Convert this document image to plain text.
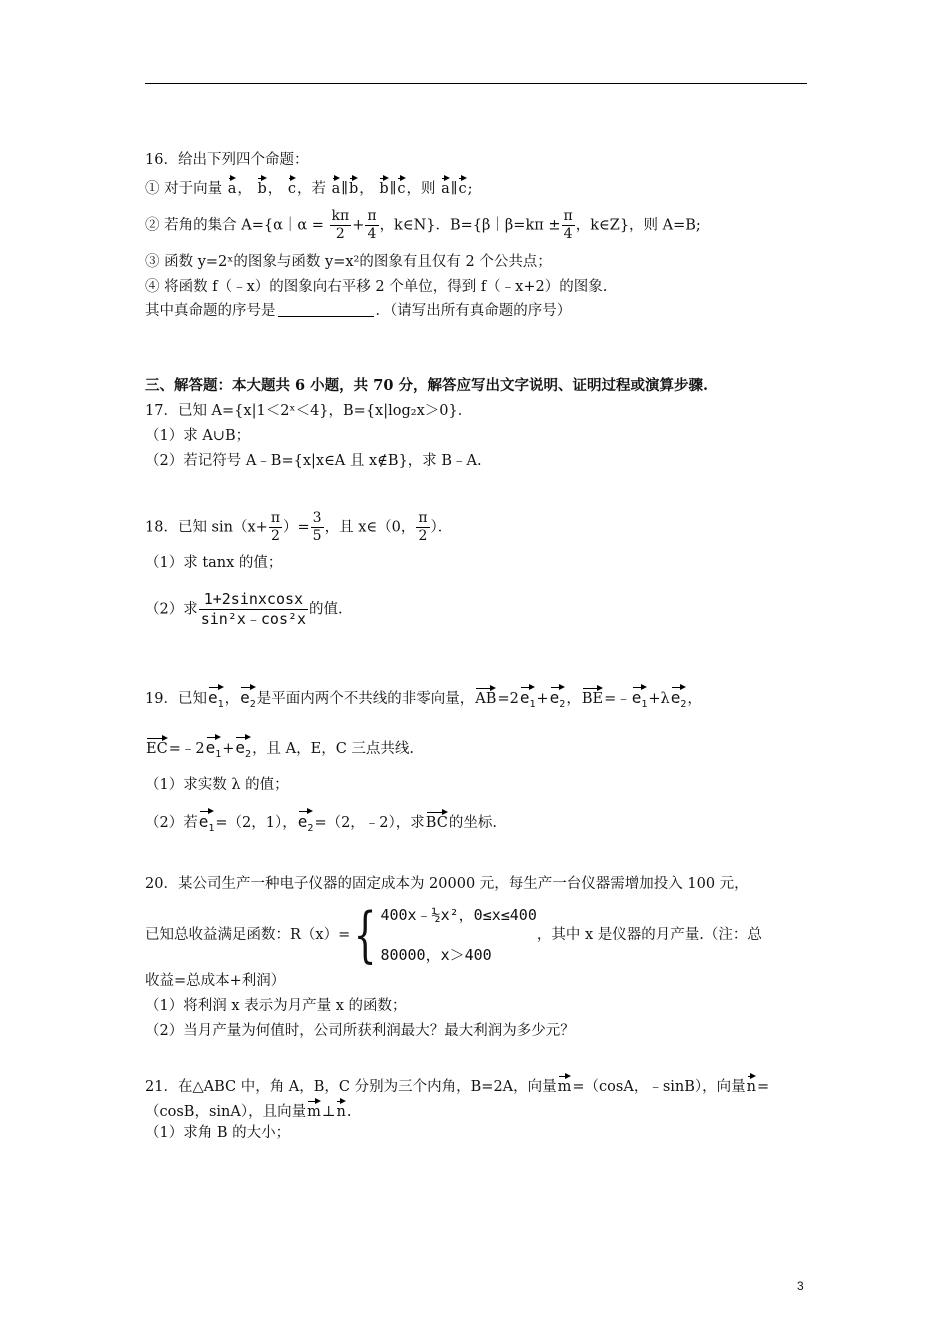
16．给出下列四个命题：
① 对于向量 a， b， c，若 a∥b， b∥c，则 a∥c;
② 若角的集合 A={α｜α = $\frac{k\pi}{2} + \frac{\pi}{4}$ ，k∈N}．B={β｜β=kπ ± $\frac{\pi}{4}$ ，k∈Z}，则 A=B;
③ 函数 y=2ˣ的图象与函数 y=x²的图象有且仅有 2 个公共点；
④ 将函数 f（﹣x）的图象向右平移 2 个单位，得到 f（﹣x+2）的图象.
其中真命题的序号是	．（请写出所有真命题的序号）
三、解答题：本大题共 6 小题，共 70 分，解答应写出文字说明、证明过程或演算步骤.
17．已知 A={x|1＜2ˣ＜4}，B={x|log₂x＞0}．
（1）求 A∪B；
（2）若记符号 A﹣B={x|x∈A 且 x∉B}，求 B﹣A.
18．已知 $\sin(x+ \frac{\pi}{2}$ ）= $\frac{3}{5}$ ，且 x∈（0， $\frac{\pi}{2}$ ）．
（1）求 tanx 的值；
（2）求 $\frac{\text{1+2sinxcosx}}{\text{sin²x﹣cos²x}}$ 的值.
19．已知$e_1$，$e_2$是平面内两个不共线的非零向量，$AB=2e_1+e_2$，$BE=﹣e_1+\lambda e_2$，
$EC=﹣2e_1+e_2$，且 A，E，C 三点共线.
（1）求实数 λ 的值；
（2）若$e_1=(2$，1），$e_2=(2$，﹣2），求BC的坐标.
20．某公司生产一种电子仪器的固定成本为 20000 元，每生产一台仪器需增加投入 100 元，
已知总收益满足函数：R（x）={ 400x﹣½x²，0≤x≤400
80000，x＞400
，其中 x 是仪器的月产量.（注：总
收益=总成本+利润）
（1）将利润 x 表示为月产量 x 的函数；
（2）当月产量为何值时，公司所获利润最大？最大利润为多少元？
21．在△ABC 中，角 A，B，C 分别为三个内角，B=2A，向量m=（cosA，﹣sinB），向量n=
（cosB，sinA），且向量m⊥n.
（1）求角 B 的大小；
3
